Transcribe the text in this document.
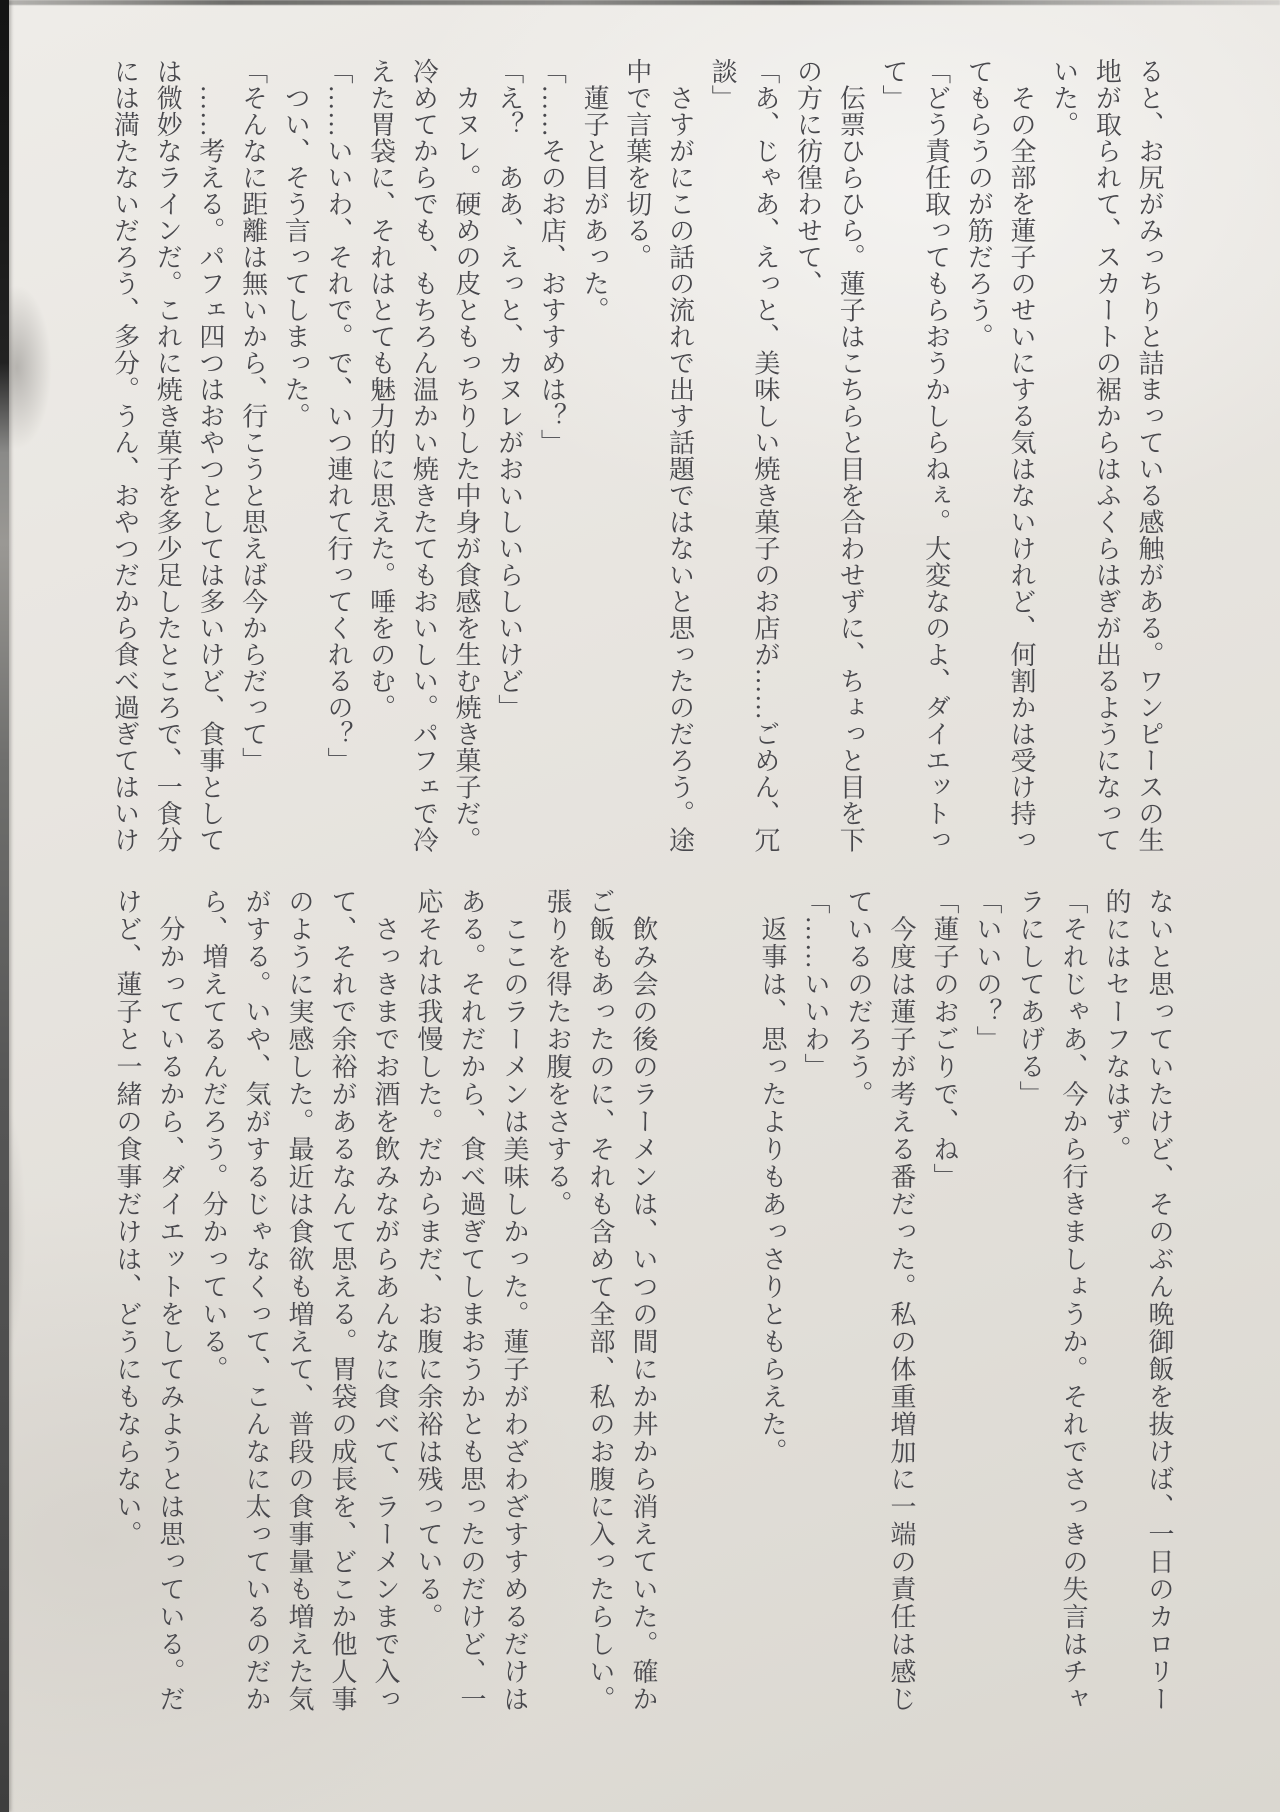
ると、お尻がみっちりと詰まっている感触がある。ワンピースの生
地が取られて、スカートの裾からはふくらはぎが出るようになって
いた。
　その全部を蓮子のせいにする気はないけれど、何割かは受け持っ
てもらうのが筋だろう。
「どう責任取ってもらおうかしらねぇ。大変なのよ、ダイエットっ
て」
　伝票ひらひら。蓮子はこちらと目を合わせずに、ちょっと目を下
の方に彷徨わせて、
「あ、じゃあ、えっと、美味しい焼き菓子のお店が……ごめん、冗
談」
　さすがにこの話の流れで出す話題ではないと思ったのだろう。途
中で言葉を切る。
　蓮子と目があった。
「……そのお店、おすすめは？」
「え？　ああ、えっと、カヌレがおいしいらしいけど」
　カヌレ。硬めの皮ともっちりした中身が食感を生む焼き菓子だ。
冷めてからでも、もちろん温かい焼きたてもおいしい。パフェで冷
えた胃袋に、それはとても魅力的に思えた。唾をのむ。
「……いいわ、それで。で、いつ連れて行ってくれるの？」
　つい、そう言ってしまった。
「そんなに距離は無いから、行こうと思えば今からだって」
　……考える。パフェ四つはおやつとしては多いけど、食事として
は微妙なラインだ。これに焼き菓子を多少足したところで、一食分
には満たないだろう、多分。うん、おやつだから食べ過ぎてはいけ
ないと思っていたけど、そのぶん晩御飯を抜けば、一日のカロリー
的にはセーフなはず。
「それじゃあ、今から行きましょうか。それでさっきの失言はチャ
ラにしてあげる」
「いいの？」
「蓮子のおごりで、ね」
　今度は蓮子が考える番だった。私の体重増加に一端の責任は感じ
ているのだろう。
「……いいわ」
　返事は、思ったよりもあっさりともらえた。
　飲み会の後のラーメンは、いつの間にか丼から消えていた。確か
ご飯もあったのに、それも含めて全部、私のお腹に入ったらしい。
張りを得たお腹をさする。
　ここのラーメンは美味しかった。蓮子がわざわざすすめるだけは
ある。それだから、食べ過ぎてしまおうかとも思ったのだけど、一
応それは我慢した。だからまだ、お腹に余裕は残っている。
　さっきまでお酒を飲みながらあんなに食べて、ラーメンまで入っ
て、それで余裕があるなんて思える。胃袋の成長を、どこか他人事
のように実感した。最近は食欲も増えて、普段の食事量も増えた気
がする。いや、気がするじゃなくって、こんなに太っているのだか
ら、増えてるんだろう。分かっている。
　分かっているから、ダイエットをしてみようとは思っている。だ
けど、蓮子と一緒の食事だけは、どうにもならない。
